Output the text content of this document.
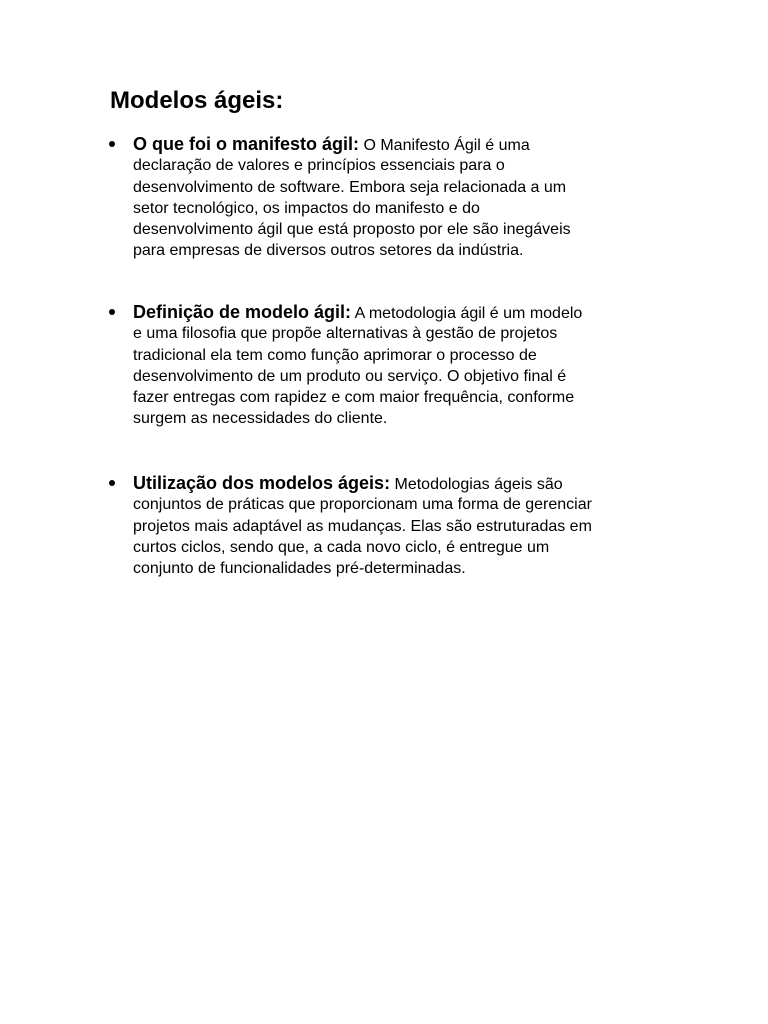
Modelos ágeis:
O que foi o manifesto ágil: O Manifesto Ágil é uma
declaração de valores e princípios essenciais para o
desenvolvimento de software. Embora seja relacionada a um
setor tecnológico, os impactos do manifesto e do
desenvolvimento ágil que está proposto por ele são inegáveis
para empresas de diversos outros setores da indústria.
Definição de modelo ágil: A metodologia ágil é um modelo
e uma filosofia que propõe alternativas à gestão de projetos
tradicional ela tem como função aprimorar o processo de
desenvolvimento de um produto ou serviço. O objetivo final é
fazer entregas com rapidez e com maior frequência, conforme
surgem as necessidades do cliente.
Utilização dos modelos ágeis: Metodologias ágeis são
conjuntos de práticas que proporcionam uma forma de gerenciar
projetos mais adaptável as mudanças. Elas são estruturadas em
curtos ciclos, sendo que, a cada novo ciclo, é entregue um
conjunto de funcionalidades pré-determinadas.
